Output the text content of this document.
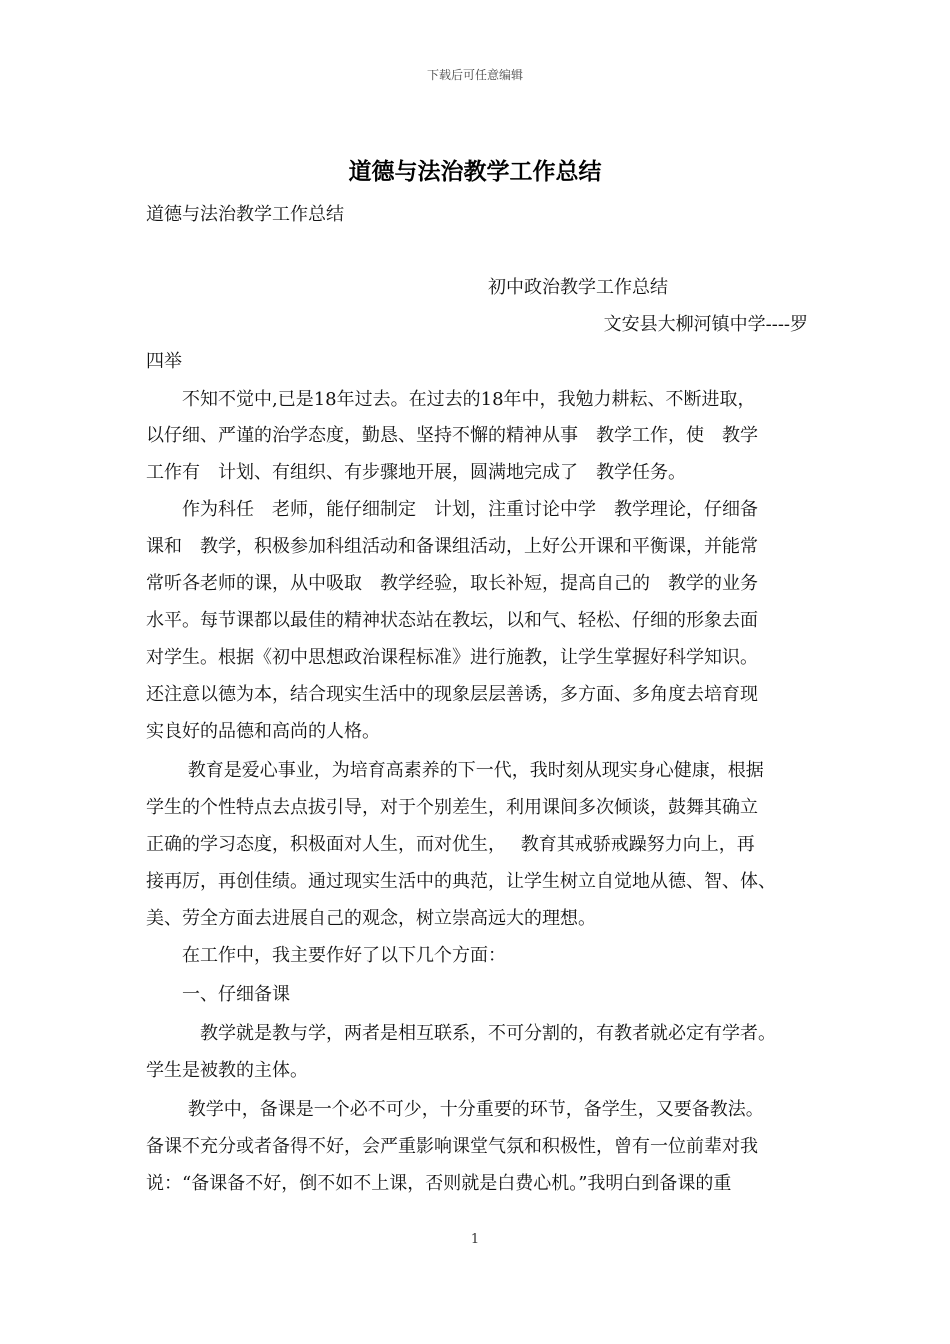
下载后可任意编辑
道德与法治教学工作总结
道德与法治教学工作总结
初中政治教学工作总结
文安县大柳河镇中学----罗
四举
　　不知不觉中,已是18年过去。在过去的18年中，我勉力耕耘、不断进取，
以仔细、严谨的治学态度，勤恳、坚持不懈的精神从事　教学工作，使　教学
工作有　计划、有组织、有步骤地开展，圆满地完成了　教学任务。
　　作为科任　老师，能仔细制定　计划，注重讨论中学　教学理论，仔细备
课和　教学，积极参加科组活动和备课组活动，上好公开课和平衡课，并能常
常听各老师的课，从中吸取　教学经验，取长补短，提高自己的　教学的业务
水平。每节课都以最佳的精神状态站在教坛，以和气、轻松、仔细的形象去面
对学生。根据《初中思想政治课程标准》进行施教，让学生掌握好科学知识。
还注意以德为本，结合现实生活中的现象层层善诱，多方面、多角度去培育现
实良好的品德和高尚的人格。
　　 教育是爱心事业，为培育高素养的下一代，我时刻从现实身心健康，根据
学生的个性特点去点拔引导，对于个别差生，利用课间多次倾谈，鼓舞其确立
正确的学习态度，积极面对人生，而对优生，　 教育其戒骄戒躁努力向上，再
接再厉，再创佳绩。通过现实生活中的典范，让学生树立自觉地从德、智、体、
美、劳全方面去进展自己的观念，树立崇高远大的理想。
　　在工作中，我主要作好了以下几个方面：
　　一、仔细备课
　　　教学就是教与学，两者是相互联系，不可分割的，有教者就必定有学者。
学生是被教的主体。
　　 教学中，备课是一个必不可少，十分重要的环节，备学生，又要备教法。
备课不充分或者备得不好，会严重影响课堂气氛和积极性，曾有一位前辈对我
说：“备课备不好，倒不如不上课，否则就是白费心机。”我明白到备课的重
1
